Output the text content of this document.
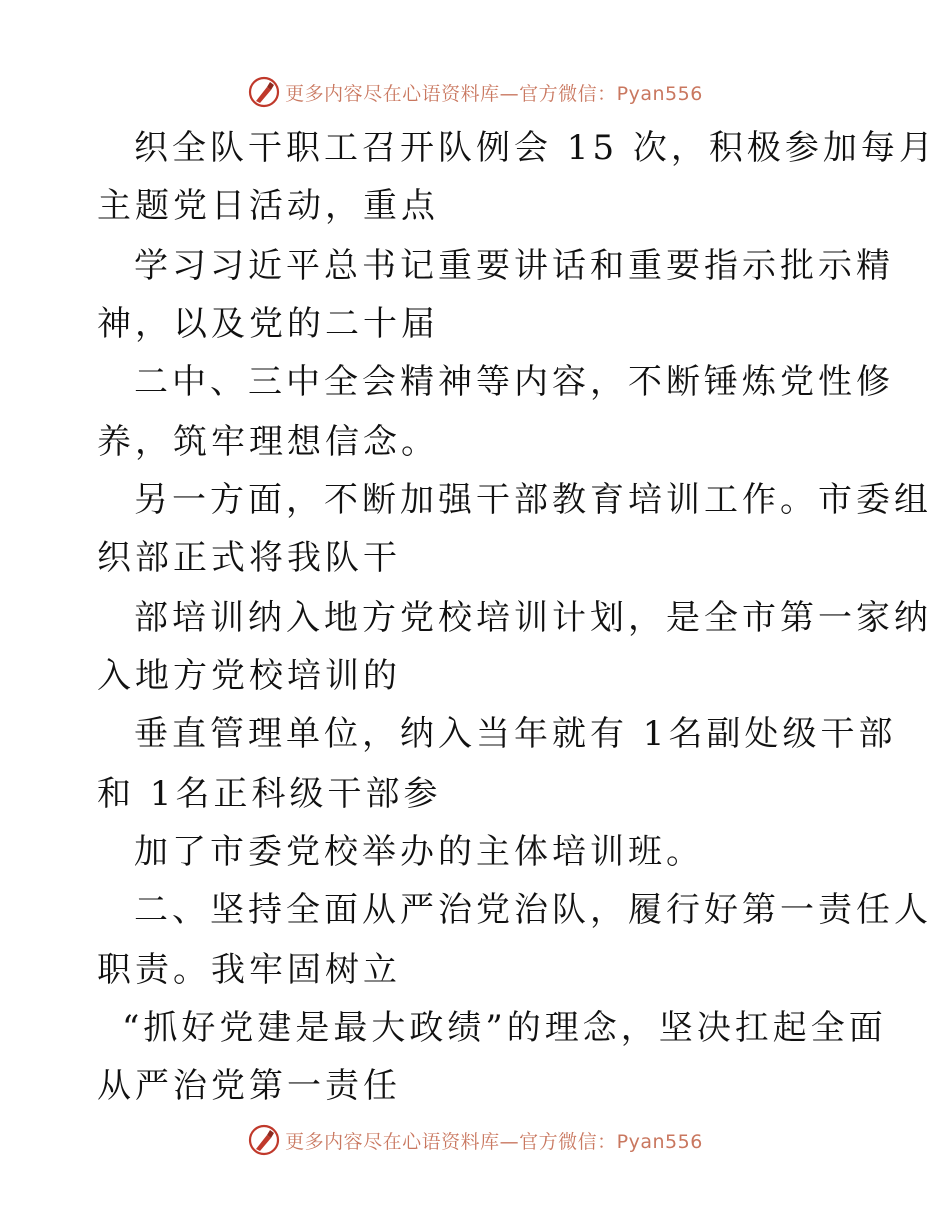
更多内容尽在心语资料库—官方微信：Pyan556
织全队干职工召开队例会 15 次，积极参加每月
主题党日活动，重点
学习习近平总书记重要讲话和重要指示批示精
神，以及党的二十届
二中、三中全会精神等内容，不断锤炼党性修
养，筑牢理想信念。
另一方面，不断加强干部教育培训工作。市委组
织部正式将我队干
部培训纳入地方党校培训计划，是全市第一家纳
入地方党校培训的
垂直管理单位，纳入当年就有 1名副处级干部
和 1名正科级干部参
加了市委党校举办的主体培训班。
二、坚持全面从严治党治队，履行好第一责任人
职责。我牢固树立
“抓好党建是最大政绩”的理念，坚决扛起全面
从严治党第一责任
更多内容尽在心语资料库—官方微信：Pyan556
